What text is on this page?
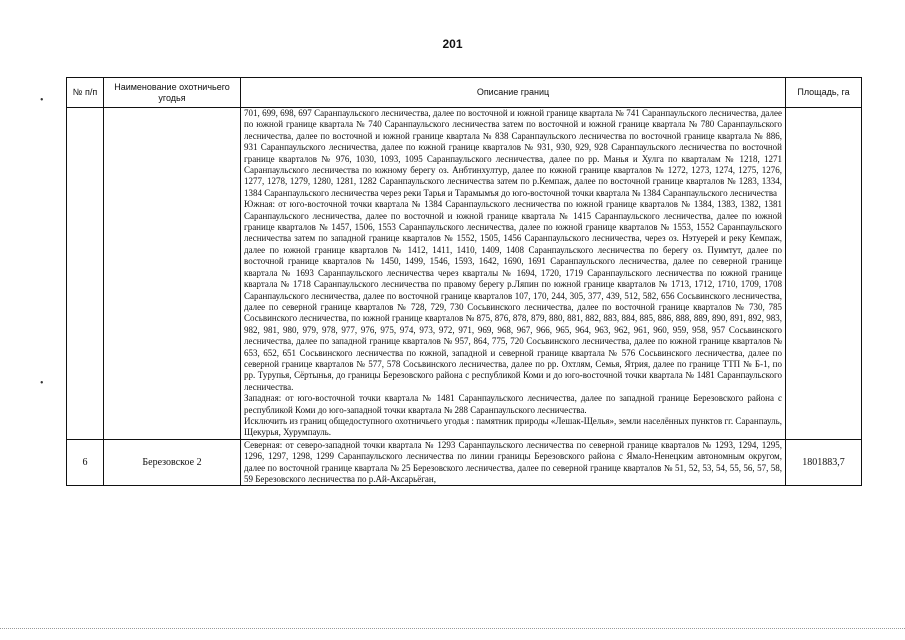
201
•
•
№ п/п	Наименование охотничьего угодья	Описание границ	Площадь, га

		701, 699, 698, 697 Саранпаульского лесничества, далее по восточной и южной границе квартала № 741 Саранпаульского лесничества, далее по южной границе квартала № 740 Саранпаульского лесничества затем по восточной и южной границе квартала № 780 Саранпаульского лесничества, далее по восточной и южной границе квартала № 838 Саранпаульского лесничества по восточной границе квартала № 886, 931 Саранпаульского лесничества, далее по южной границе кварталов № 931, 930, 929, 928 Саранпаульского лесничества по восточной границе кварталов № 976, 1030, 1093, 1095 Саранпаульского лесничества, далее по рр. Манья и Хулга по кварталам № 1218, 1271 Саранпаульского лесничества по южному берегу оз. Анбтинхултур, далее по южной границе кварталов № 1272, 1273, 1274, 1275, 1276, 1277, 1278, 1279, 1280, 1281, 1282 Саранпаульского лесничества затем по р.Кемпаж, далее по восточной границе кварталов № 1283, 1334, 1384 Саранпаульского лесничества через реки Тарья и Тарамымъя до юго-восточной точки квартала № 1384 Саранпаульского лесничества

Южная: от юго-восточной точки квартала № 1384 Саранпаульского лесничества по южной границе кварталов № 1384, 1383, 1382, 1381 Саранпаульского лесничества, далее по восточной и южной границе квартала № 1415 Саранпаульского лесничества, далее по южной границе кварталов № 1457, 1506, 1553 Саранпаульского лесничества, далее по южной границе кварталов № 1553, 1552 Саранпаульского лесничества затем по западной границе кварталов № 1552, 1505, 1456 Саранпаульского лесничества, через оз. Нэтуерей и реку Кемпаж, далее по южной границе кварталов № 1412, 1411, 1410, 1409, 1408 Саранпаульского лесничества по берегу оз. Пуимтут, далее по восточной границе кварталов № 1450, 1499, 1546, 1593, 1642, 1690, 1691 Саранпаульского лесничества, далее по северной границе квартала № 1693 Саранпаульского лесничества через кварталы № 1694, 1720, 1719 Саранпаульского лесничества по южной границе квартала № 1718 Саранпаульского лесничества по правому берегу р.Ляпин по южной границе кварталов № 1713, 1712, 1710, 1709, 1708 Саранпаульского лесничества, далее по восточной границе кварталов 107, 170, 244, 305, 377, 439, 512, 582, 656 Сосьвинского лесничества, далее по северной границе кварталов № 728, 729, 730 Сосьвинского лесничества, далее по восточной границе кварталов № 730, 785 Сосьвинского лесничества, по южной границе кварталов № 875, 876, 878, 879, 880, 881, 882, 883, 884, 885, 886, 888, 889, 890, 891, 892, 983, 982, 981, 980, 979, 978, 977, 976, 975, 974, 973, 972, 971, 969, 968, 967, 966, 965, 964, 963, 962, 961, 960, 959, 958, 957 Сосьвинского лесничества, далее по западной границе кварталов № 957, 864, 775, 720 Сосьвинского лесничества, далее по южной границе кварталов № 653, 652, 651 Сосьвинского лесничества по южной, западной и северной границе квартала № 576 Сосьвинского лесничества, далее по северной границе кварталов № 577, 578 Сосьвинского лесничества, далее по рр. Охтлям, Семья, Ятрия, далее по границе ТТП № Б-1, по рр. Турупья, Сёртынья, до границы Березовского района с республикой Коми и до юго-восточной точки квартала № 1481 Саранпаульского лесничества.

Западная: от юго-восточной точки квартала № 1481 Саранпаульского лесничества, далее по западной границе Березовского района с республикой Коми до юго-западной точки квартала № 288 Саранпаульского лесничества.

Исключить из границ общедоступного охотничьего угодья : памятник природы «Лешак-Щелья», земли населённых пунктов гг. Саранпауль, Щекурья, Хурумпауль.	

6	Березовское 2	Северная: от северо-западной точки квартала № 1293 Саранпаульского лесничества по северной границе кварталов № 1293, 1294, 1295, 1296, 1297, 1298, 1299 Саранпаульского лесничества по линии границы Березовского района с Ямало-Ненецким автономным округом, далее по восточной границе квартала № 25 Березовского лесничества, далее по северной границе кварталов № 51, 52, 53, 54, 55, 56, 57, 58, 59 Березовского лесничества по р.Ай-Аксарьёган,	1801883,7
